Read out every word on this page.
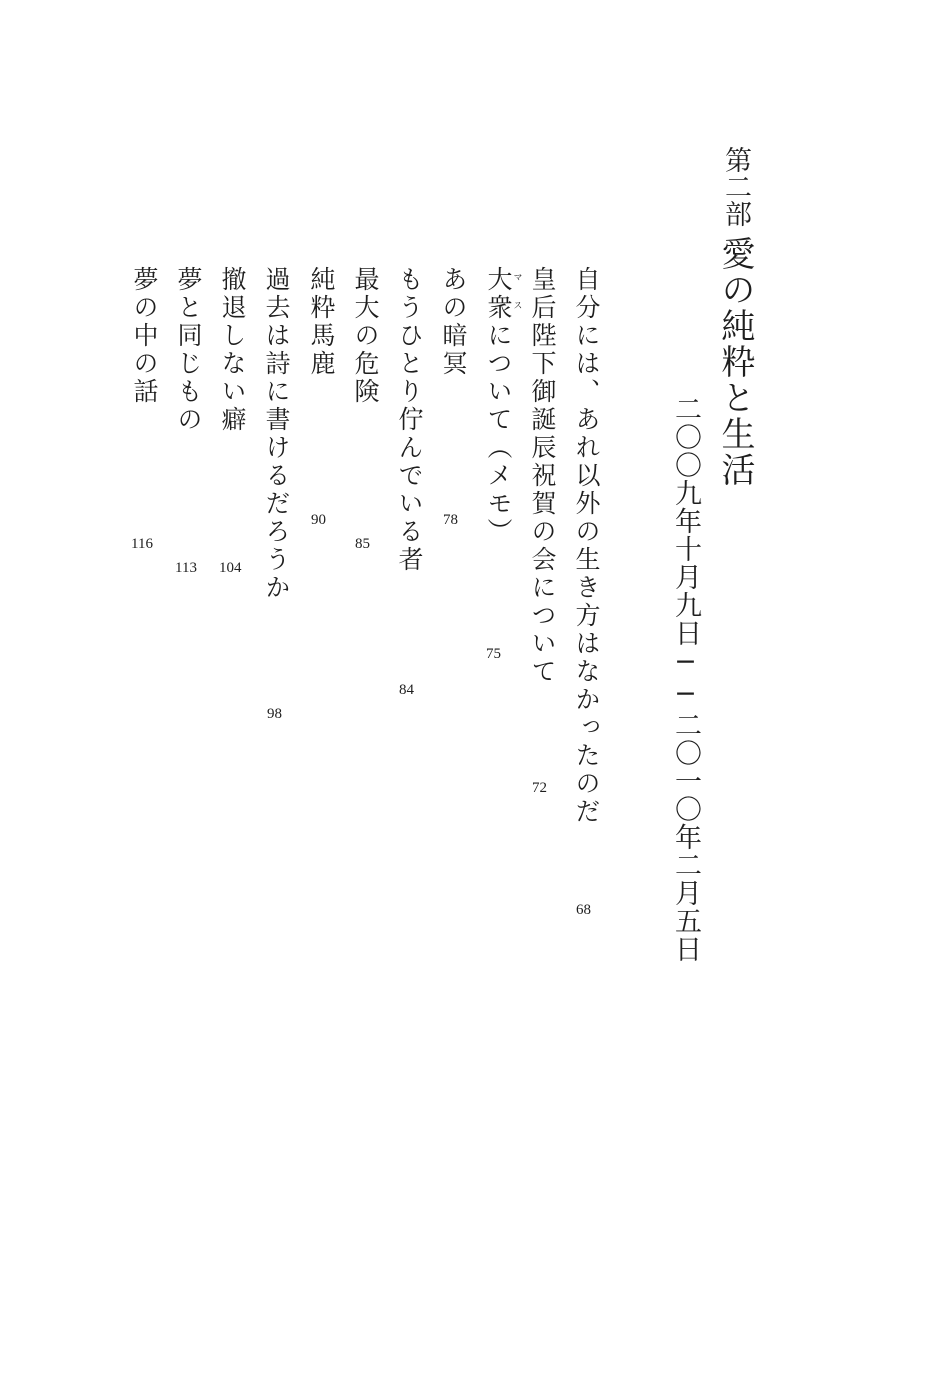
第二部
愛の純粋と生活
二〇〇九年十月九日──二〇一〇年二月五日
自分には、あれ以外の生き方はなかったのだ
68
皇后陛下御誕辰祝賀の会について
72
大衆マスについて（メモ）
75
あの暗冥
78
もうひとり佇んでいる者
84
最大の危険
85
純粋馬鹿
90
過去は詩に書けるだろうか
98
撤退しない癖
104
夢と同じもの
113
夢の中の話
116
